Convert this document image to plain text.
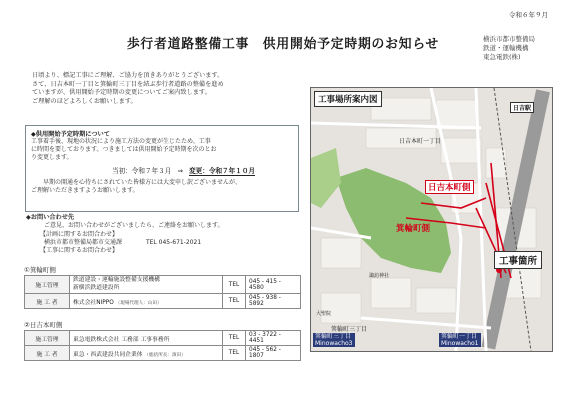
令和６年９月
歩行者道路整備工事　供用開始予定時期のお知らせ	横浜市都市整備局
鉄道・運輸機構
東急電鉄(株)

日頃より、標記工事にご理解、ご協力を頂きありがとうございます。

さて、日吉本町一丁目と箕輪町三丁目を結ぶ歩行者道路の整備を進め

ていますが、供用開始予定時期の変更についてご案内致します。

ご理解のほどよろしくお願いします。

◆供用開始予定時期について
工事着手後、現地の状況により施工方法の変更が生じたため、工事
に時間を要しております。つきましては供用開始予定時期を次のとお
り変更します。
当初：令和７年３月 ⇒ 変更：令和７年１０月
早期の開通を心待ちにされていた皆様方には大変申し訳ございませんが、
ご理解いただきますようお願いします。
◆お問い合わせ先
ご意見、お問い合わせがございましたら、ご連絡をお願いします。
【計画に関するお問合わせ】
横浜市都市整備局都市交通課	TEL 045-671-2021
【工事に関するお問合わせ】
①箕輪町側
施工管理	鉄道建設・運輸施設整備支援機構
新横浜鉄道建設所	TEL	045 - 415 - 4580
施 工 者	株式会社NIPPO （現場代理人：山田）	TEL	045 - 938 - 5892
②日吉本町側
施工管理	東急電鉄株式会社 工務部 工事事務所	TEL	03 - 3722 - 4451
施 工 者	東急・西武建設共同企業体 （総括所長：濱田）	TEL	045 - 562 - 1807
工事場所案内図
日吉駅
日吉本町一丁目
箕輪町三丁目
日吉本町側
箕輪町側
工事箇所
諏訪神社
大聖院
箕輪町三丁目
Minowacho3
箕輪町一丁目
Minowacho1
